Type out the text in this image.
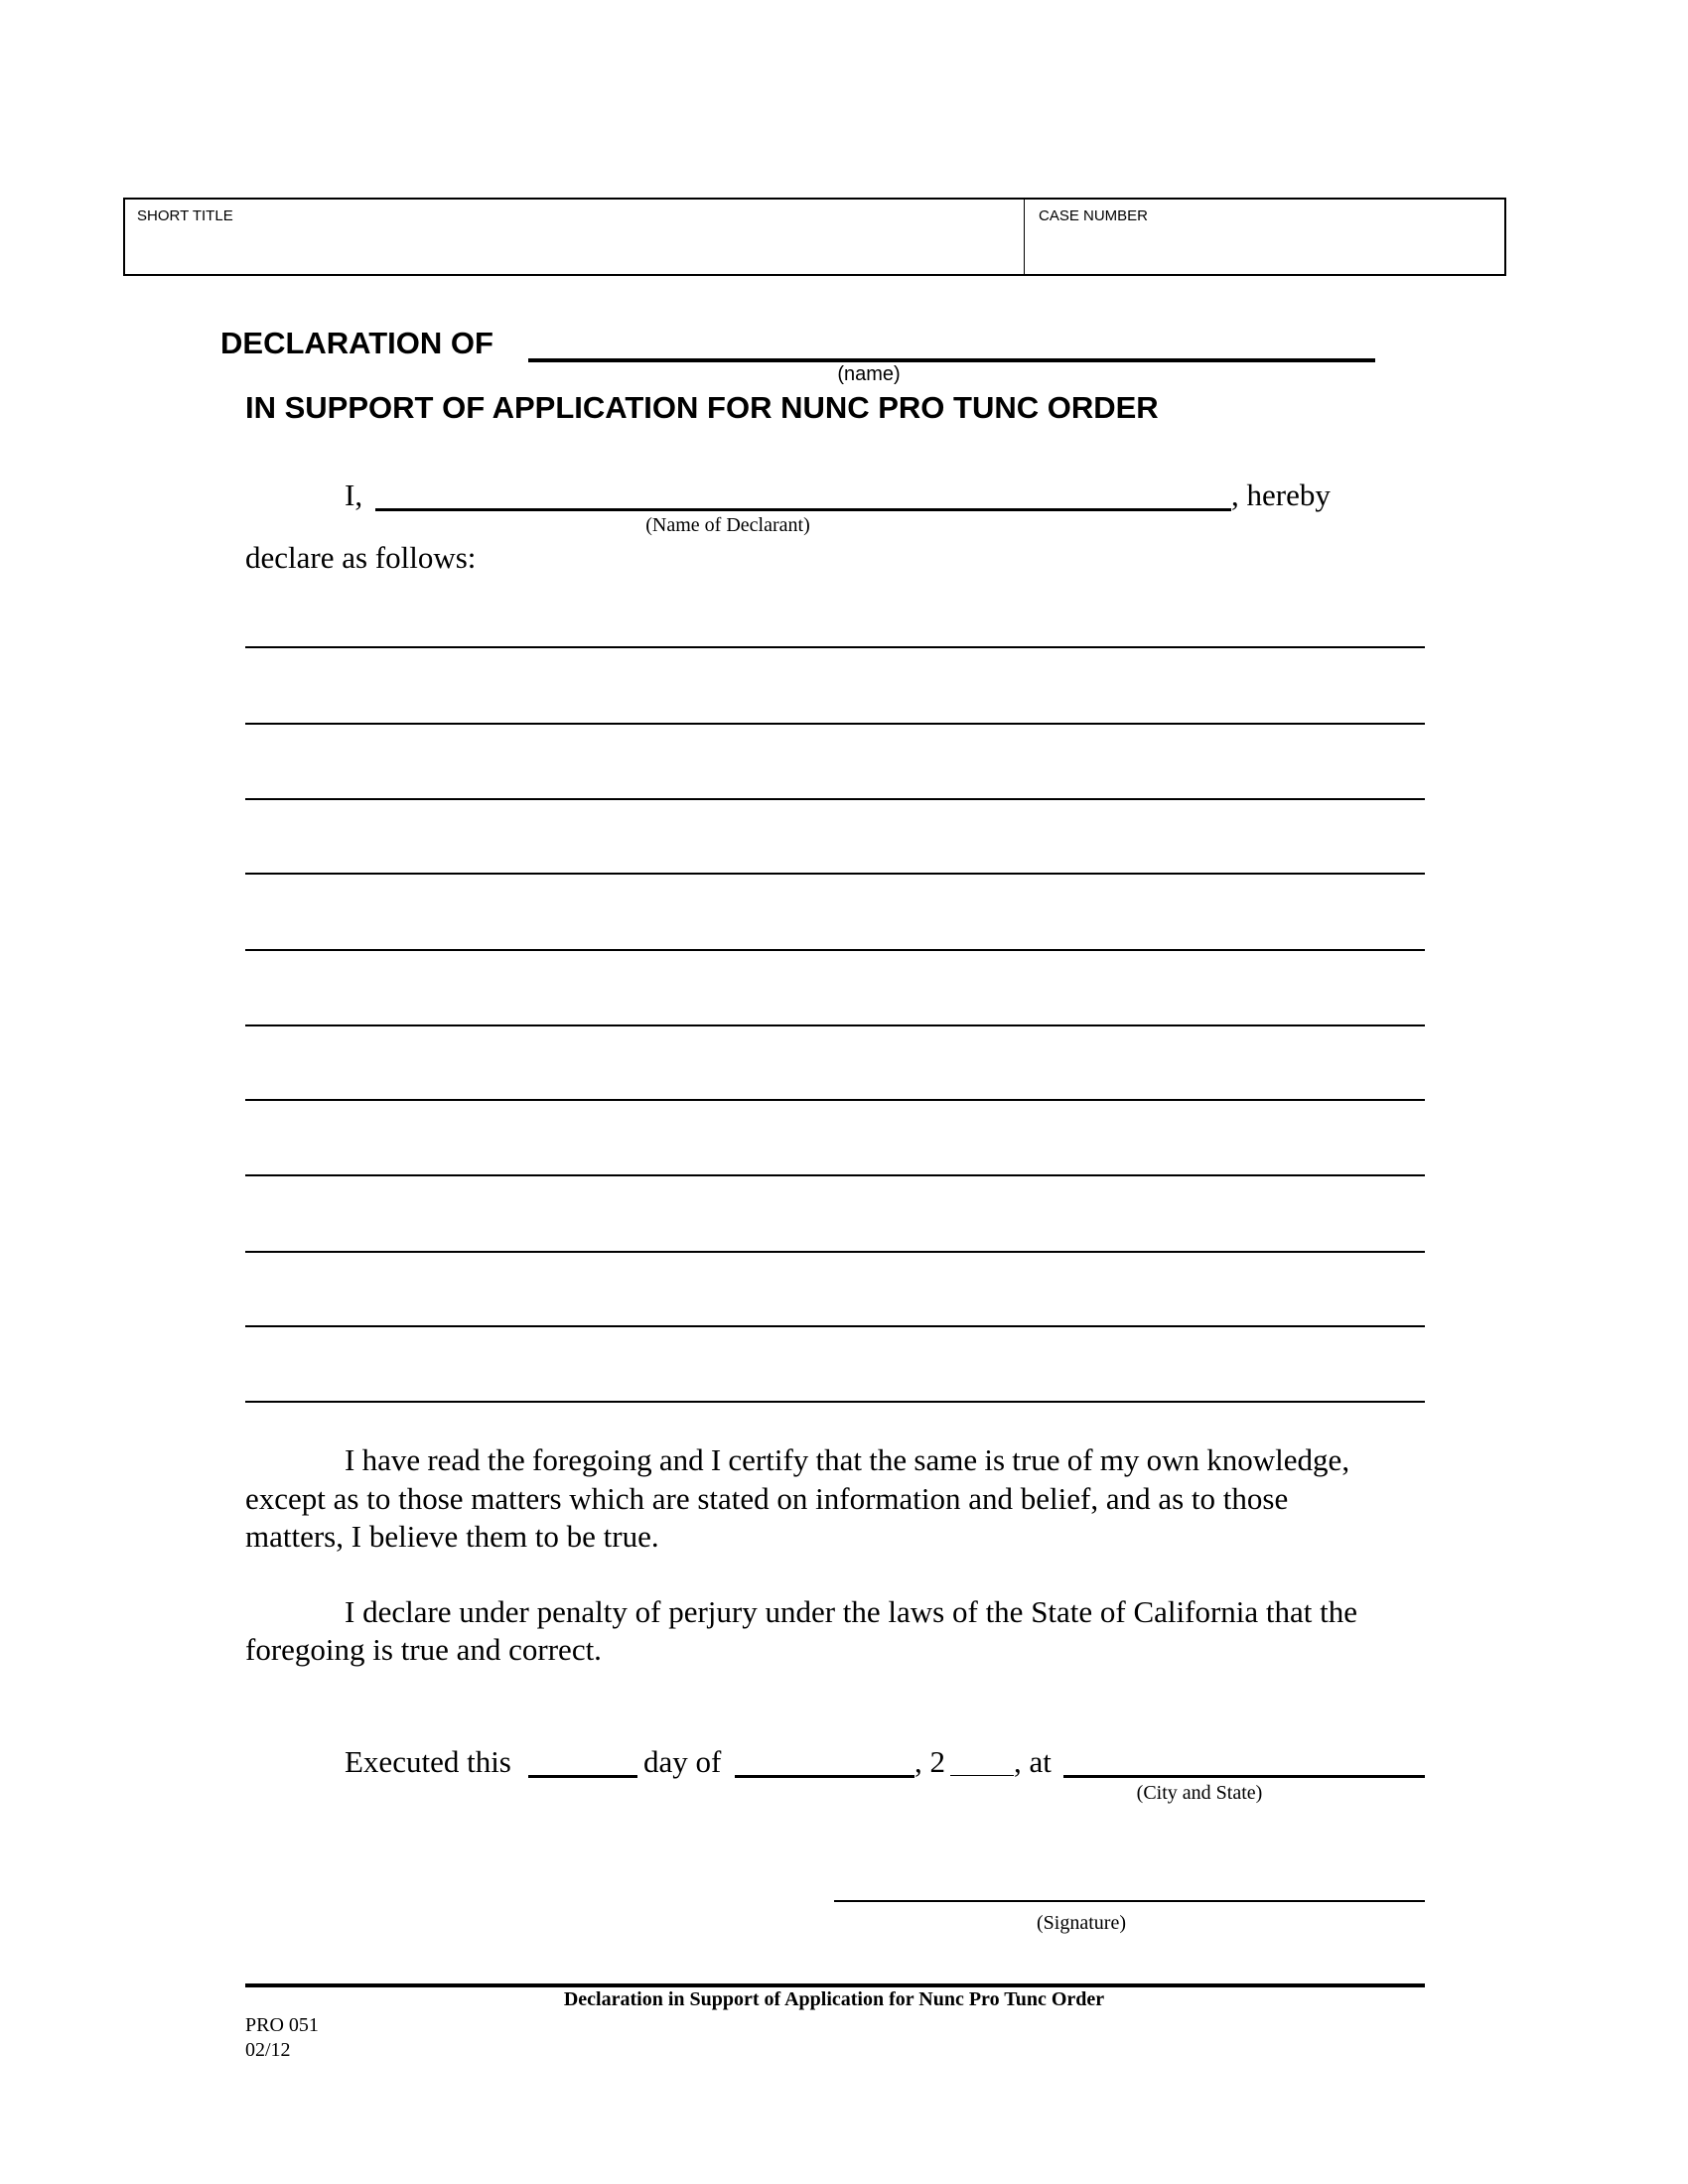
SHORT TITLE	CASE NUMBER
DECLARATION OF
(name)
IN SUPPORT OF APPLICATION FOR NUNC PRO TUNC ORDER
I,	, hereby
(Name of Declarant)
declare as follows:
I have read the foregoing and I certify that the same is true of my own knowledge,
except as to those matters which are stated on information and belief, and as to those
matters, I believe them to be true.
I declare under penalty of perjury under the laws of the State of California that the
foregoing is true and correct.
Executed this	day of	, 2 , at
(City and State)
(Signature)
Declaration in Support of Application for Nunc Pro Tunc Order
PRO 051
02/12
